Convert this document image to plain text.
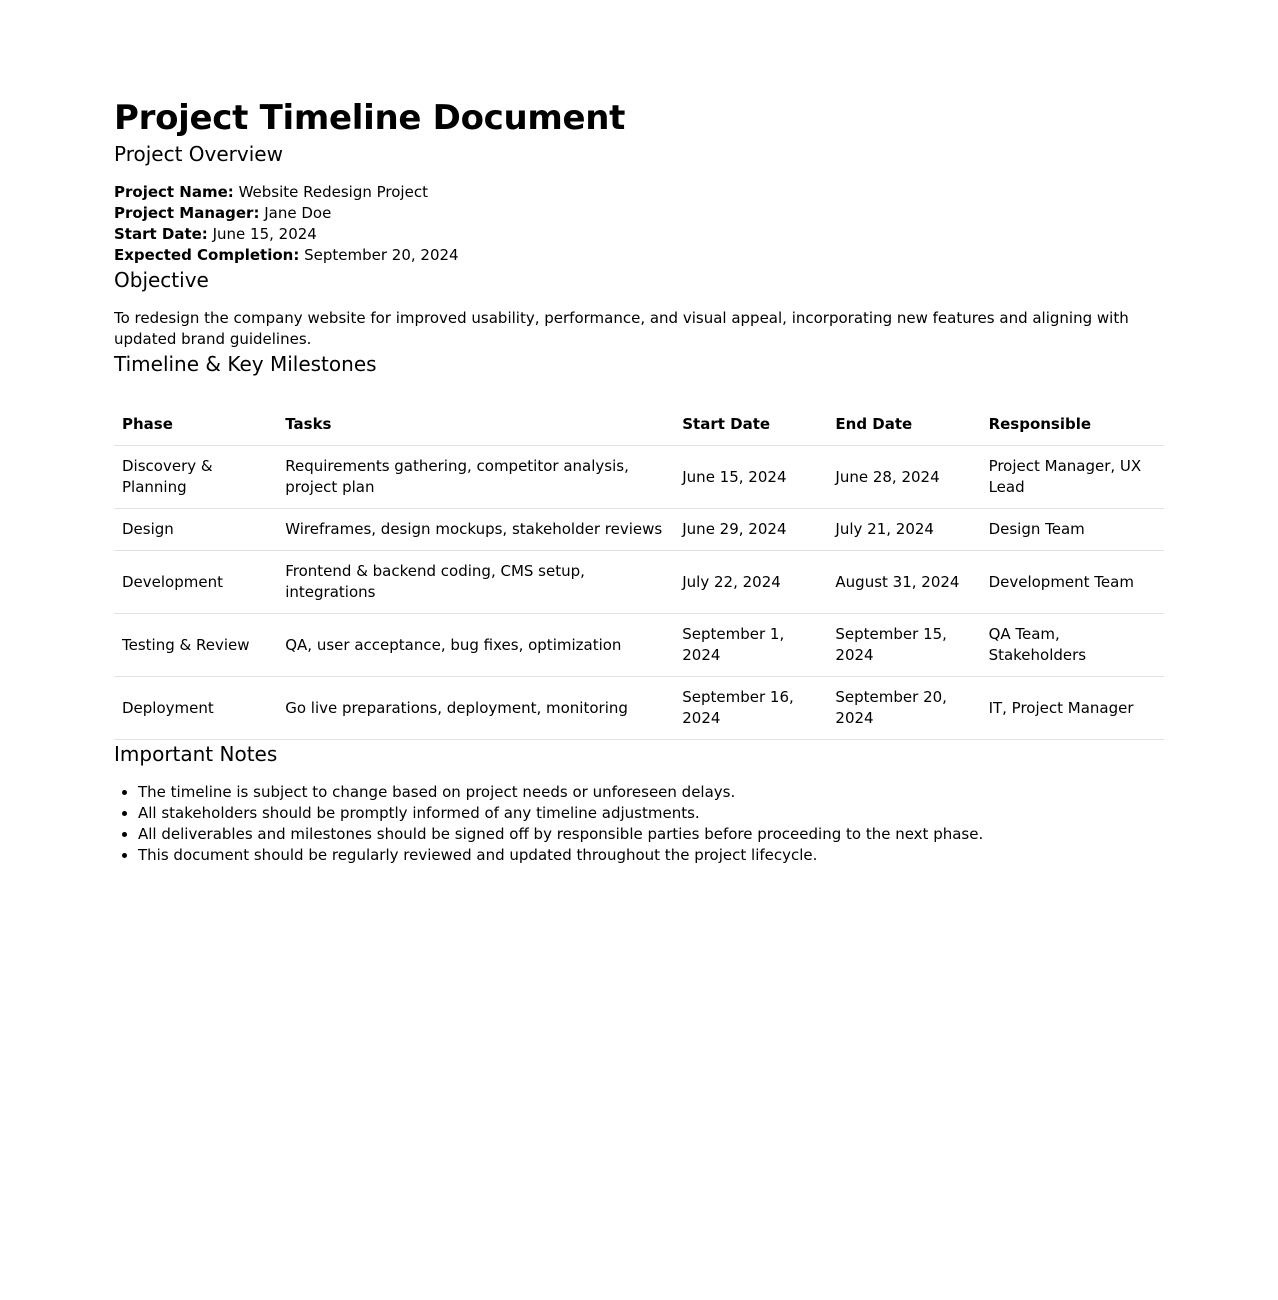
Project Timeline Document
Project Overview
Project Name: Website Redesign Project
Project Manager: Jane Doe
Start Date: June 15, 2024
Expected Completion: September 20, 2024
Objective

To redesign the company website for improved usability, performance, and visual appeal, incorporating new features and aligning with updated brand guidelines.

Timeline & Key Milestones
Phase	Tasks	Start Date	End Date	Responsible
Discovery & Planning	Requirements gathering, competitor analysis, project plan	June 15, 2024	June 28, 2024	Project Manager, UX Lead
Design	Wireframes, design mockups, stakeholder reviews	June 29, 2024	July 21, 2024	Design Team
Development	Frontend & backend coding, CMS setup, integrations	July 22, 2024	August 31, 2024	Development Team
Testing & Review	QA, user acceptance, bug fixes, optimization	September 1, 2024	September 15, 2024	QA Team, Stakeholders
Deployment	Go live preparations, deployment, monitoring	September 16, 2024	September 20, 2024	IT, Project Manager
Important Notes
• The timeline is subject to change based on project needs or unforeseen delays.
• All stakeholders should be promptly informed of any timeline adjustments.
• All deliverables and milestones should be signed off by responsible parties before proceeding to the next phase.
• This document should be regularly reviewed and updated throughout the project lifecycle.
